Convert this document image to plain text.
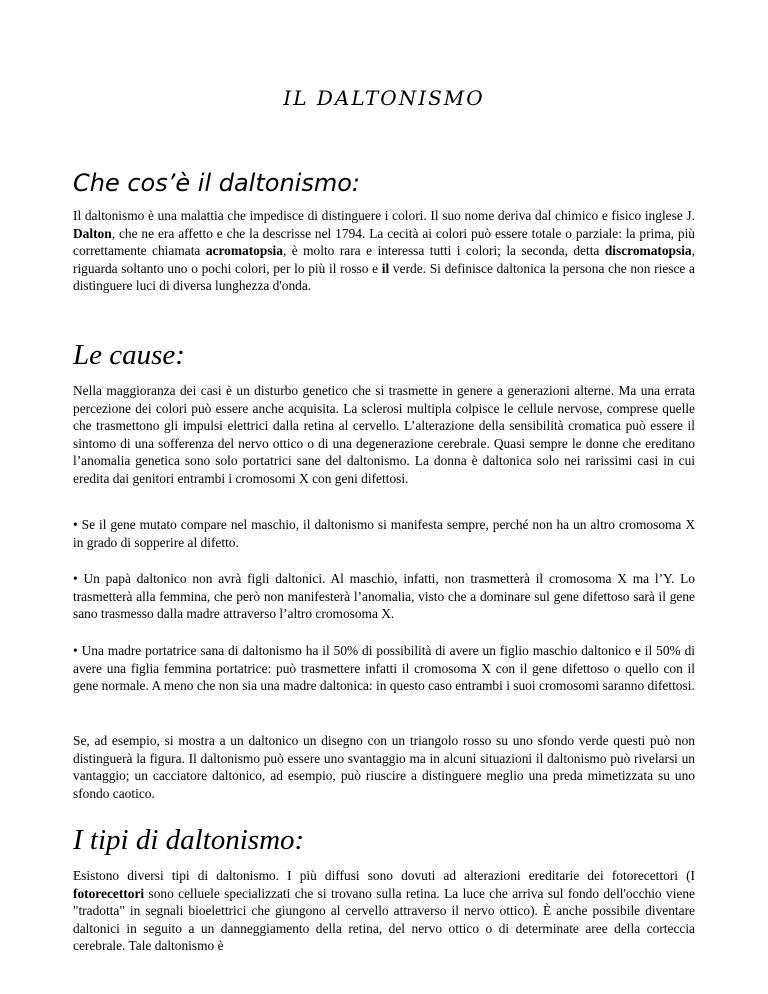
IL DALTONISMO
Che cos’è il daltonismo:

Il daltonismo è una malattia che impedisce di distinguere i colori. Il suo nome deriva dal chimico e fisico inglese J. Dalton, che ne era affetto e che la descrisse nel 1794. La cecità ai colori può essere totale o parziale: la prima, più correttamente chiamata acromatopsia, è molto rara e interessa tutti i colori; la seconda, detta discromatopsia, riguarda soltanto uno o pochi colori, per lo più il rosso e il verde. Si definisce daltonica la persona che non riesce a distinguere luci di diversa lunghezza d'onda.

Le cause:

Nella maggioranza dei casi è un disturbo genetico che si trasmette in genere a generazioni alterne. Ma una errata percezione dei colori può essere anche acquisita. La sclerosi multipla colpisce le cellule nervose, comprese quelle che trasmettono gli impulsi elettrici dalla retina al cervello. L’alterazione della sensibilità cromatica può essere il sintomo di una sofferenza del nervo ottico o di una degenerazione cerebrale. Quasi sempre le donne che ereditano l’anomalia genetica sono solo portatrici sane del daltonismo. La donna è daltonica solo nei rarissimi casi in cui eredita dai genitori entrambi i cromosomi X con geni difettosi.

• Se il gene mutato compare nel maschio, il daltonismo si manifesta sempre, perché non ha un altro cromosoma X in grado di sopperire al difetto.

• Un papà daltonico non avrà figli daltonici. Al maschio, infatti, non trasmetterà il cromosoma X ma l’Y. Lo trasmetterà alla femmina, che però non manifesterà l’anomalia, visto che a dominare sul gene difettoso sarà il gene sano trasmesso dalla madre attraverso l’altro cromosoma X.

• Una madre portatrice sana di daltonismo ha il 50% di possibilità di avere un figlio maschio daltonico e il 50% di avere una figlia femmina portatrice: può trasmettere infatti il cromosoma X con il gene difettoso o quello con il gene normale. A meno che non sia una madre daltonica: in questo caso entrambi i suoi cromosomi saranno difettosi.

Se, ad esempio, si mostra a un daltonico un disegno con un triangolo rosso su uno sfondo verde questi può non distinguerà la figura. Il daltonismo può essere uno svantaggio ma in alcuni situazioni il daltonismo può rivelarsi un vantaggio; un cacciatore daltonico, ad esempio, può riuscire a distinguere meglio una preda mimetizzata su uno sfondo caotico.

I tipi di daltonismo:

Esistono diversi tipi di daltonismo. I più diffusi sono dovuti ad alterazioni ereditarie dei fotorecettori (I fotorecettori sono celluele specializzati che si trovano sulla retina. La luce che arriva sul fondo dell'occhio viene "tradotta" in segnali bioelettrici che giungono al cervello attraverso il nervo ottico). È anche possibile diventare daltonici in seguito a un danneggiamento della retina, del nervo ottico o di determinate aree della corteccia cerebrale. Tale daltonismo è
